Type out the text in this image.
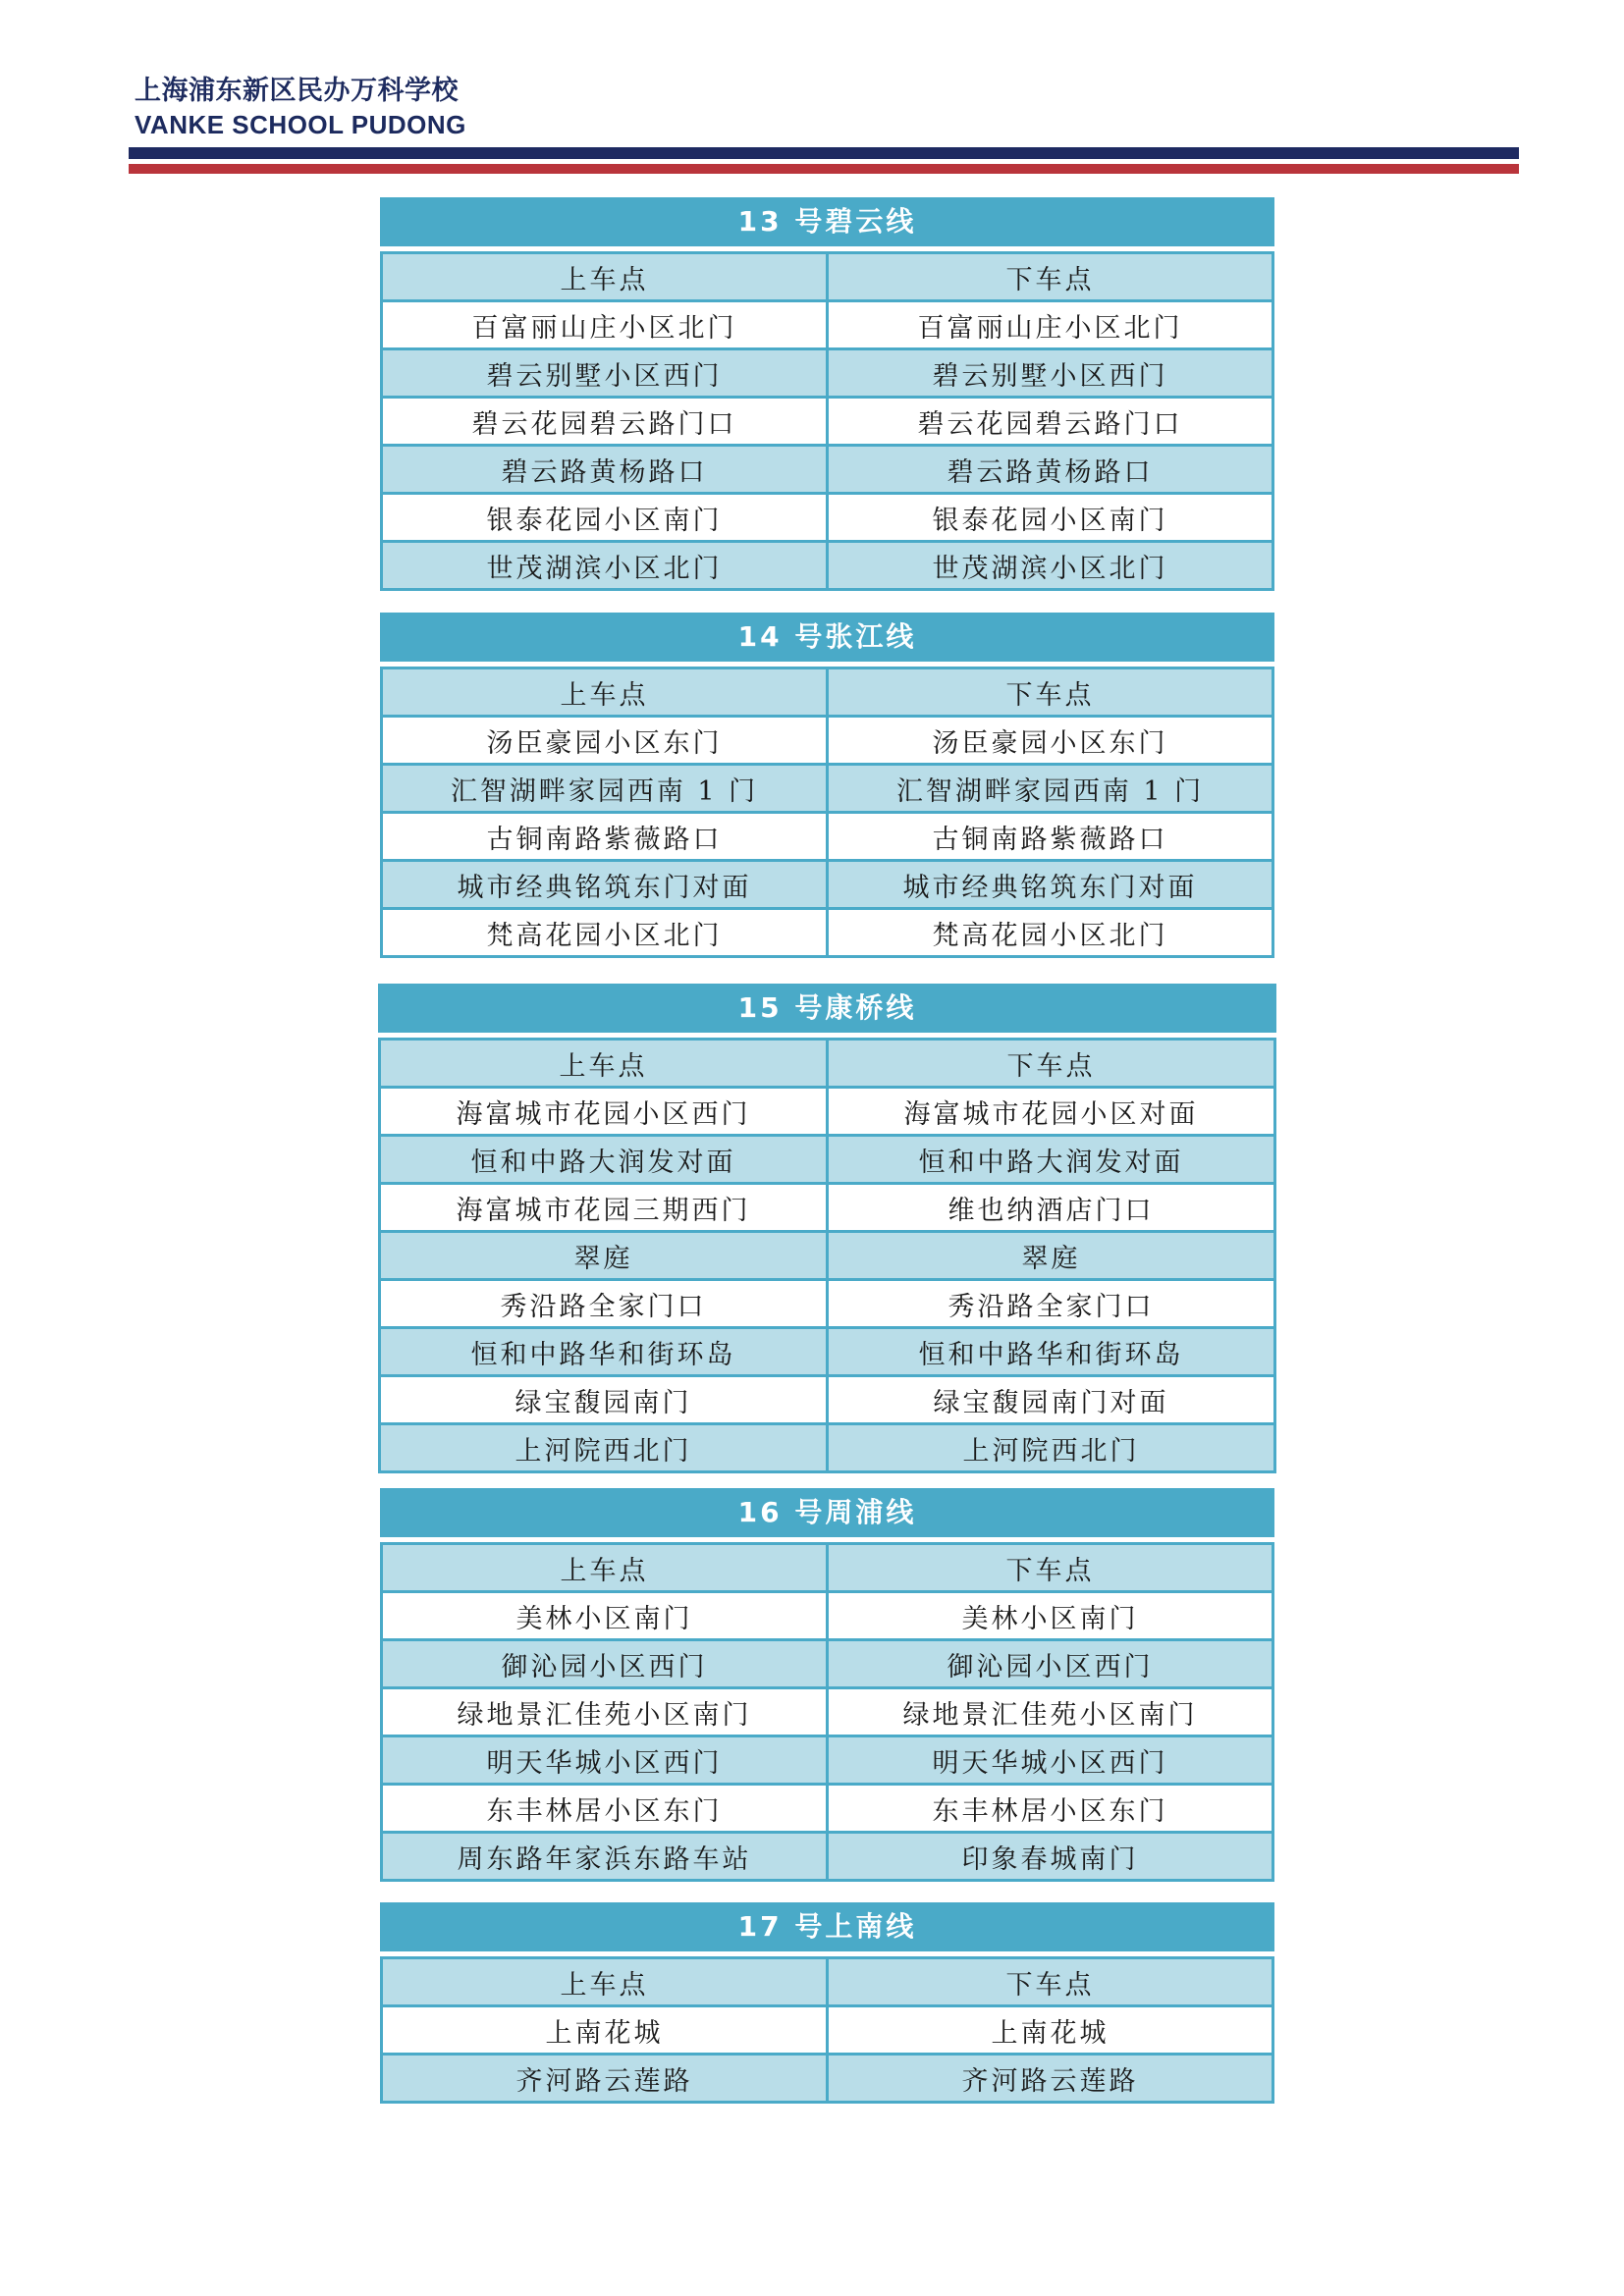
上海浦东新区民办万科学校
VANKE SCHOOL PUDONG
13 号碧云线
上车点	下车点
百富丽山庄小区北门	百富丽山庄小区北门
碧云别墅小区西门	碧云别墅小区西门
碧云花园碧云路门口	碧云花园碧云路门口
碧云路黄杨路口	碧云路黄杨路口
银泰花园小区南门	银泰花园小区南门
世茂湖滨小区北门	世茂湖滨小区北门
14 号张江线
上车点	下车点
汤臣豪园小区东门	汤臣豪园小区东门
汇智湖畔家园西南 1 门	汇智湖畔家园西南 1 门
古铜南路紫薇路口	古铜南路紫薇路口
城市经典铭筑东门对面	城市经典铭筑东门对面
梵高花园小区北门	梵高花园小区北门
15 号康桥线
上车点	下车点
海富城市花园小区西门	海富城市花园小区对面
恒和中路大润发对面	恒和中路大润发对面
海富城市花园三期西门	维也纳酒店门口
翠庭	翠庭
秀沿路全家门口	秀沿路全家门口
恒和中路华和街环岛	恒和中路华和街环岛
绿宝馥园南门	绿宝馥园南门对面
上河院西北门	上河院西北门
16 号周浦线
上车点	下车点
美林小区南门	美林小区南门
御沁园小区西门	御沁园小区西门
绿地景汇佳苑小区南门	绿地景汇佳苑小区南门
明天华城小区西门	明天华城小区西门
东丰林居小区东门	东丰林居小区东门
周东路年家浜东路车站	印象春城南门
17 号上南线
上车点	下车点
上南花城	上南花城
齐河路云莲路	齐河路云莲路
